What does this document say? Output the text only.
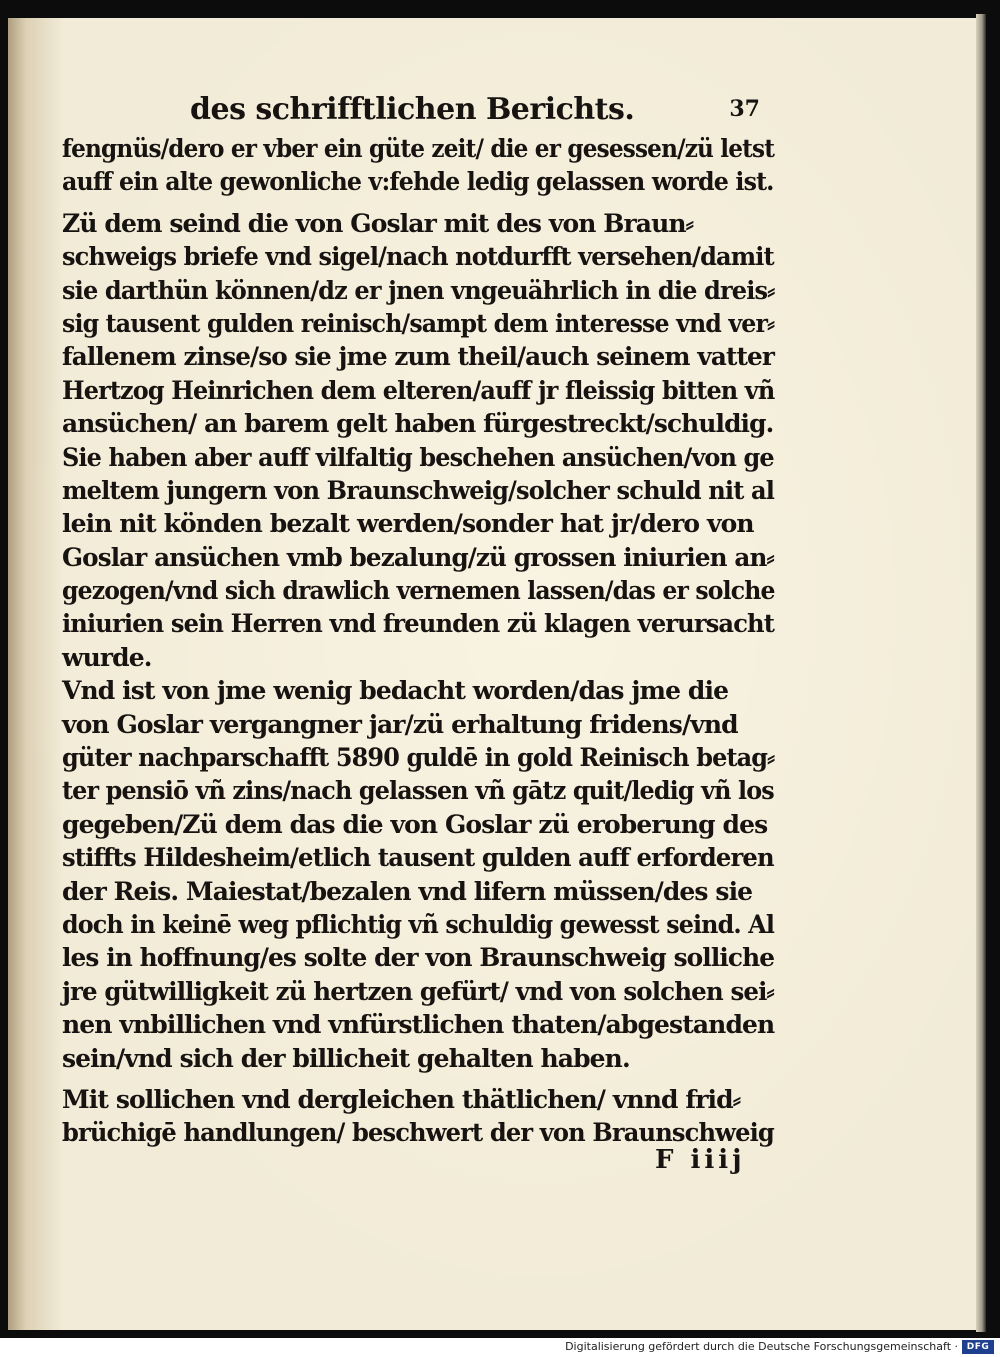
des schrifftlichen Berichts.	37
fengnüs/dero er vber ein güte zeit/ die er gesessen/zü letst
auff ein alte gewonliche v:fehde ledig gelassen worde ist.
Zü dem seind die von Goslar mit des von Braun⸗
schweigs briefe vnd sigel/nach notdurfft versehen/damit
sie darthün können/dz er jnen vngeuährlich in die dreis⸗
sig tausent gulden reinisch/sampt dem interesse vnd ver⸗
fallenem zinse/so sie jme zum theil/auch seinem vatter
Hertzog Heinrichen dem elteren/auff jr fleissig bitten vñ
ansüchen/ an barem gelt haben fürgestreckt/schuldig.
Sie haben aber auff vilfaltig beschehen ansüchen/von ge
meltem jungern von Braunschweig/solcher schuld nit al
lein nit könden bezalt werden/sonder hat jr/dero von
Goslar ansüchen vmb bezalung/zü grossen iniurien an⸗
gezogen/vnd sich drawlich vernemen lassen/das er solche
iniurien sein Herren vnd freunden zü klagen verursacht
wurde.
Vnd ist von jme wenig bedacht worden/das jme die
von Goslar vergangner jar/zü erhaltung fridens/vnd
güter nachparschafft 5890 guldē in gold Reinisch betag⸗
ter pensiō vñ zins/nach gelassen vñ gātz quit/ledig vñ los
gegeben/Zü dem das die von Goslar zü eroberung des
stiffts Hildesheim/etlich tausent gulden auff erforderen
der Reis. Maiestat/bezalen vnd lifern müssen/des sie
doch in keinē weg pflichtig vñ schuldig gewesst seind. Al
les in hoffnung/es solte der von Braunschweig solliche
jre gütwilligkeit zü hertzen gefürt/ vnd von solchen sei⸗
nen vnbillichen vnd vnfürstlichen thaten/abgestanden
sein/vnd sich der billicheit gehalten haben.
Mit sollichen vnd dergleichen thätlichen/ vnnd frid⸗
brüchigē handlungen/ beschwert der von Braunschweig
F iiij
Digitalisierung gefördert durch die Deutsche Forschungsgemeinschaft · DFG
